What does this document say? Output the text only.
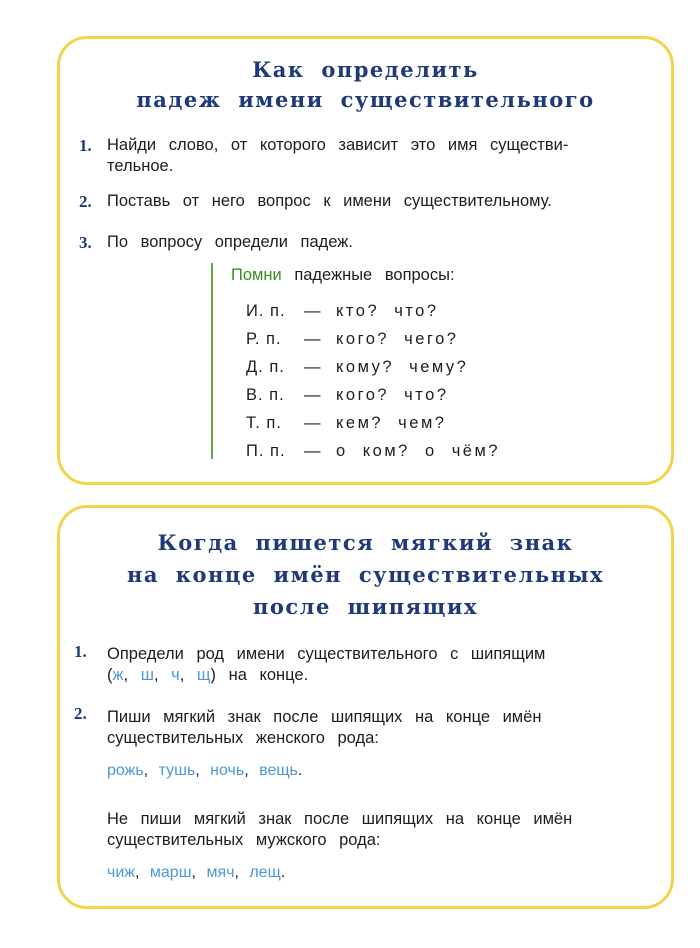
Как определить
падеж имени существительного
1. Найди слово, от которого зависит это имя существи-
тельное.
2. Поставь от него вопрос к имени существительному.
3. По вопросу определи падеж.
Помни падежные вопросы:
И. п. — кто? что?
Р. п. — кого? чего?
Д. п. — кому? чему?
В. п. — кого? что?
Т. п. — кем? чем?
П. п. — о ком? о чём?
Когда пишется мягкий знак
на конце имён существительных
после шипящих
1. Определи род имени существительного с шипящим
(ж, ш, ч, щ) на конце.
2. Пиши мягкий знак после шипящих на конце имён
существительных женского рода:
рожь, тушь, ночь, вещь.
Не пиши мягкий знак после шипящих на конце имён
существительных мужского рода:
чиж, марш, мяч, лещ.
